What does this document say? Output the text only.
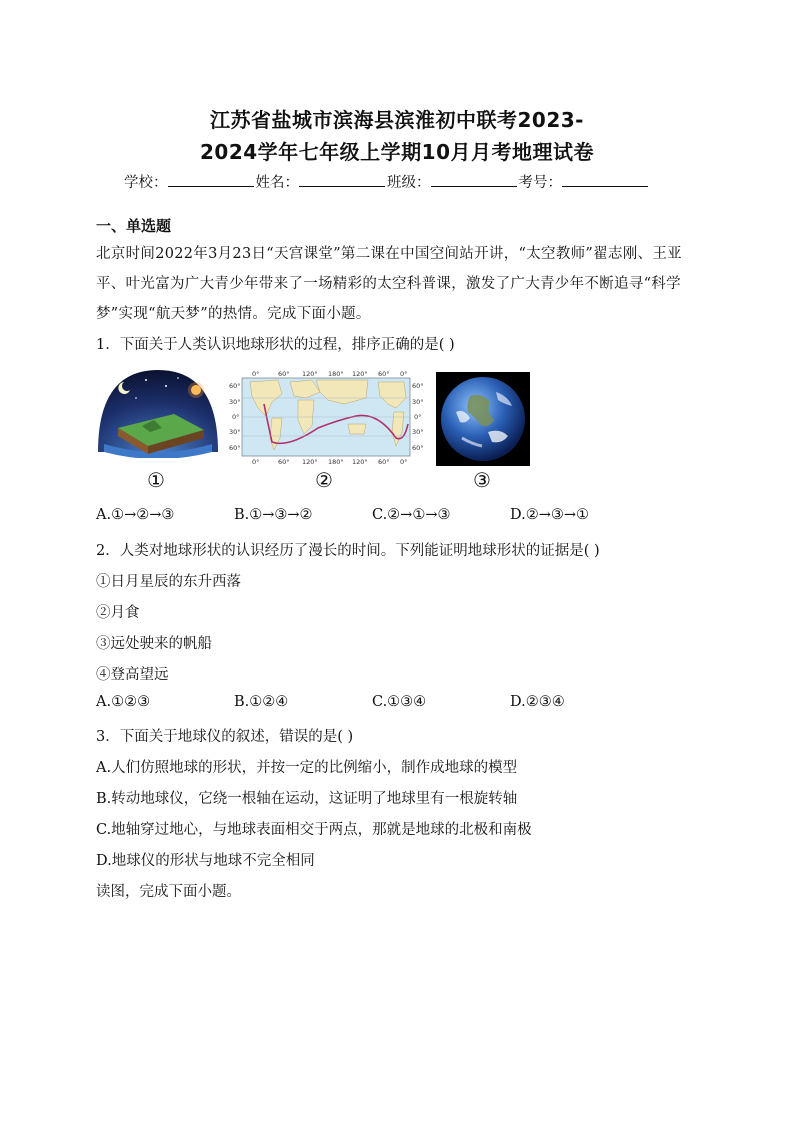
江苏省盐城市滨海县滨淮初中联考2023-
2024学年七年级上学期10月月考地理试卷
学校：	姓名：	班级：	考号：
一、单选题
北京时间2022年3月23日“天宫课堂”第二课在中国空间站开讲，“太空教师”翟志刚、王亚平、叶光富为广大青少年带来了一场精彩的太空科普课，激发了广大青少年不断追寻“科学梦”实现“航天梦”的热情。完成下面小题。
1．下面关于人类认识地球形状的过程，排序正确的是( )
0°	60° 120° 180° 120° 60° 0°
0°	60° 120° 180° 120° 60° 0°
60°
30°
0°
30°
60°
60°
30°
0°
30°
60°
①	②	③
A.①→②→③	B.①→③→②	C.②→①→③	D.②→③→①
2．人类对地球形状的认识经历了漫长的时间。下列能证明地球形状的证据是( )
①日月星辰的东升西落
②月食
③远处驶来的帆船
④登高望远
A.①②③	B.①②④	C.①③④	D.②③④
3．下面关于地球仪的叙述，错误的是( )
A.人们仿照地球的形状，并按一定的比例缩小，制作成地球的模型
B.转动地球仪，它绕一根轴在运动，这证明了地球里有一根旋转轴
C.地轴穿过地心，与地球表面相交于两点，那就是地球的北极和南极
D.地球仪的形状与地球不完全相同
读图，完成下面小题。
